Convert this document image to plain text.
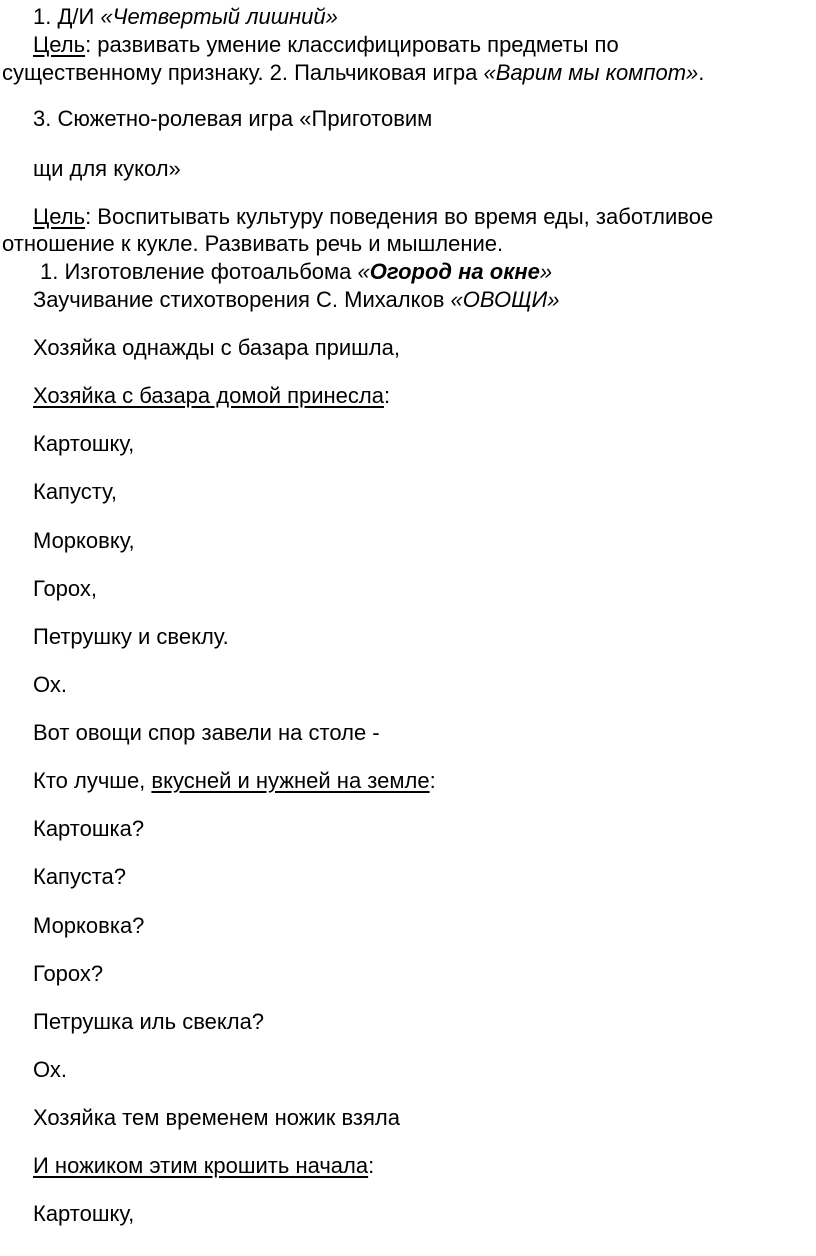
1. Д/И «Четвертый лишний»
Цель: развивать умение классифицировать предметы по
существенному признаку. 2. Пальчиковая игра «Варим мы компот».
3. Сюжетно-ролевая игра «Приготовим
щи для кукол»
Цель: Воспитывать культуру поведения во время еды, заботливое
отношение к кукле. Развивать речь и мышление.
1. Изготовление фотоальбома «Огород на окне»
Заучивание стихотворения С. Михалков «ОВОЩИ»
Хозяйка однажды с базара пришла,
Хозяйка с базара домой принесла:
Картошку,
Капусту,
Морковку,
Горох,
Петрушку и свеклу.
Ох.
Вот овощи спор завели на столе -
Кто лучше, вкусней и нужней на земле:
Картошка?
Капуста?
Морковка?
Горох?
Петрушка иль свекла?
Ох.
Хозяйка тем временем ножик взяла
И ножиком этим крошить начала:
Картошку,
